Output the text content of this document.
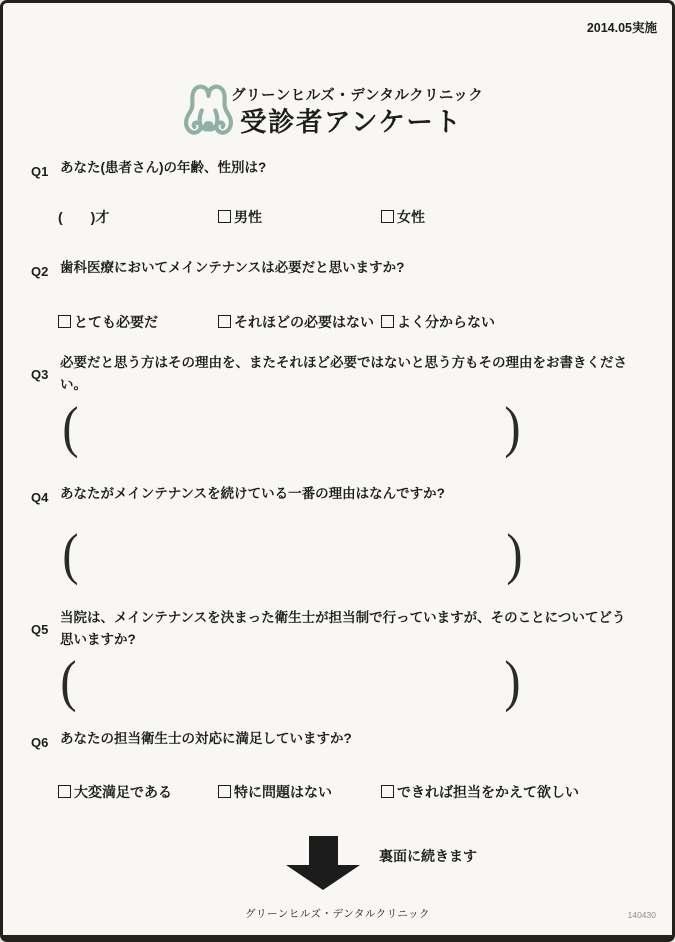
2014.05実施
グリーンヒルズ・デンタルクリニック
受診者アンケート
Q1 あなた(患者さん)の年齢、性別は?

(　　)才	男性	女性
Q2 歯科医療においてメインテナンスは必要だと思いますか?

とても必要だ	それほどの必要はない	よく分からない
Q3

必要だと思う方はその理由を、またそれほど必要ではないと思う方もその理由をお書きください。

(	)
Q4 あなたがメインテナンスを続けている一番の理由はなんですか?

(	)
Q5

当院は、メインテナンスを決まった衛生士が担当制で行っていますが、そのことについてどう思いますか?

(	)
Q6 あなたの担当衛生士の対応に満足していますか?

大変満足である	特に問題はない	できれば担当をかえて欲しい
裏面に続きます
グリーンヒルズ・デンタルクリニック	140430
